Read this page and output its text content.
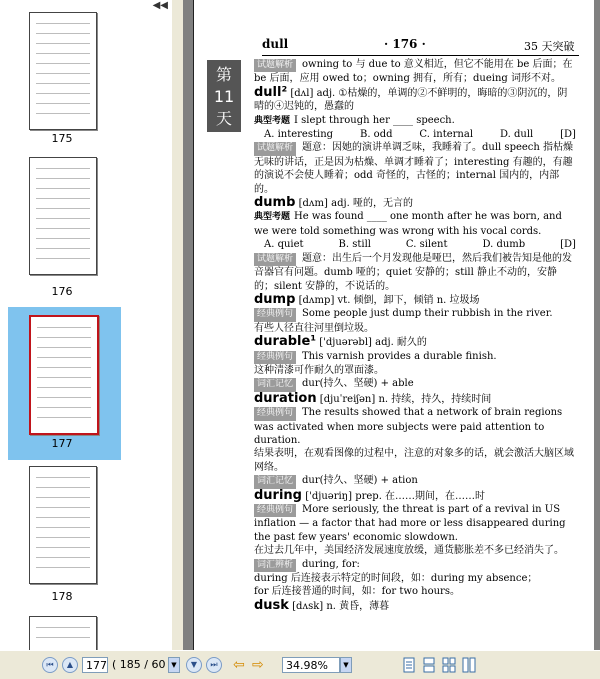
◀◀
175
176
177
178
dull	· 176 ·	35 天突破
第
11
天

试题解析 owning to 与 due to 意义相近，但它不能用在 be 后面；在 be 后面，应用 owed to；owning 拥有，所有；dueing 词形不对。

dull² [dʌl] adj. ①枯燥的，单调的②不鲜明的，晦暗的③阴沉的，阴晴的④迟钝的，愚蠢的

典型考题 I slept through her ____ speech.

A. interesting	B. odd	C. internal	D. dull	[D]

试题解析 题意：因她的演讲单调乏味，我睡着了。dull speech 指枯燥无味的讲话，正是因为枯燥、单调才睡着了；interesting 有趣的，有趣的演说不会使人睡着；odd 奇怪的，古怪的；internal 国内的，内部的。

dumb [dʌm] adj. 哑的，无言的

典型考题 He was found ____ one month after he was born, and we were told something was wrong with his vocal cords.

A. quiet	B. still	C. silent	D. dumb	[D]

试题解析 题意：出生后一个月发现他是哑巴，然后我们被告知是他的发音器官有问题。dumb 哑的；quiet 安静的；still 静止不动的，安静的；silent 安静的，不说话的。

dump [dʌmp] vt. 倾倒，卸下，倾销 n. 垃圾场

经典例句 Some people just dump their rubbish in the river.

有些人径直往河里倒垃圾。

durable¹ ['djuərəbl] adj. 耐久的

经典例句 This varnish provides a durable finish.

这种清漆可作耐久的罩面漆。

词汇记忆 dur(持久、坚硬) + able

duration [djuˈreiʃən] n. 持续，持久，持续时间

经典例句 The results showed that a network of brain regions was activated when more subjects were paid attention to duration.

结果表明，在观看图像的过程中，注意的对象多的话，就会激活大脑区域网络。

词汇记忆 dur(持久、坚硬) + ation

during ['djuəriŋ] prep. 在……期间，在……时

经典例句 More seriously, the threat is part of a revival in US inflation — a factor that had more or less disappeared during the past few years' economic slowdown.

在过去几年中，美国经济发展速度放缓，通货膨胀差不多已经消失了。

词汇辨析 during, for:

during 后连接表示特定的时间段，如：during my absence；

for 后连接普通的时间，如：for two hours。

dusk [dʌsk] n. 黄昏，薄暮

⏮	▲	177 ( 185 / 60 ▼	▼	⏭	⇦ ⇨	34.98%	▼
